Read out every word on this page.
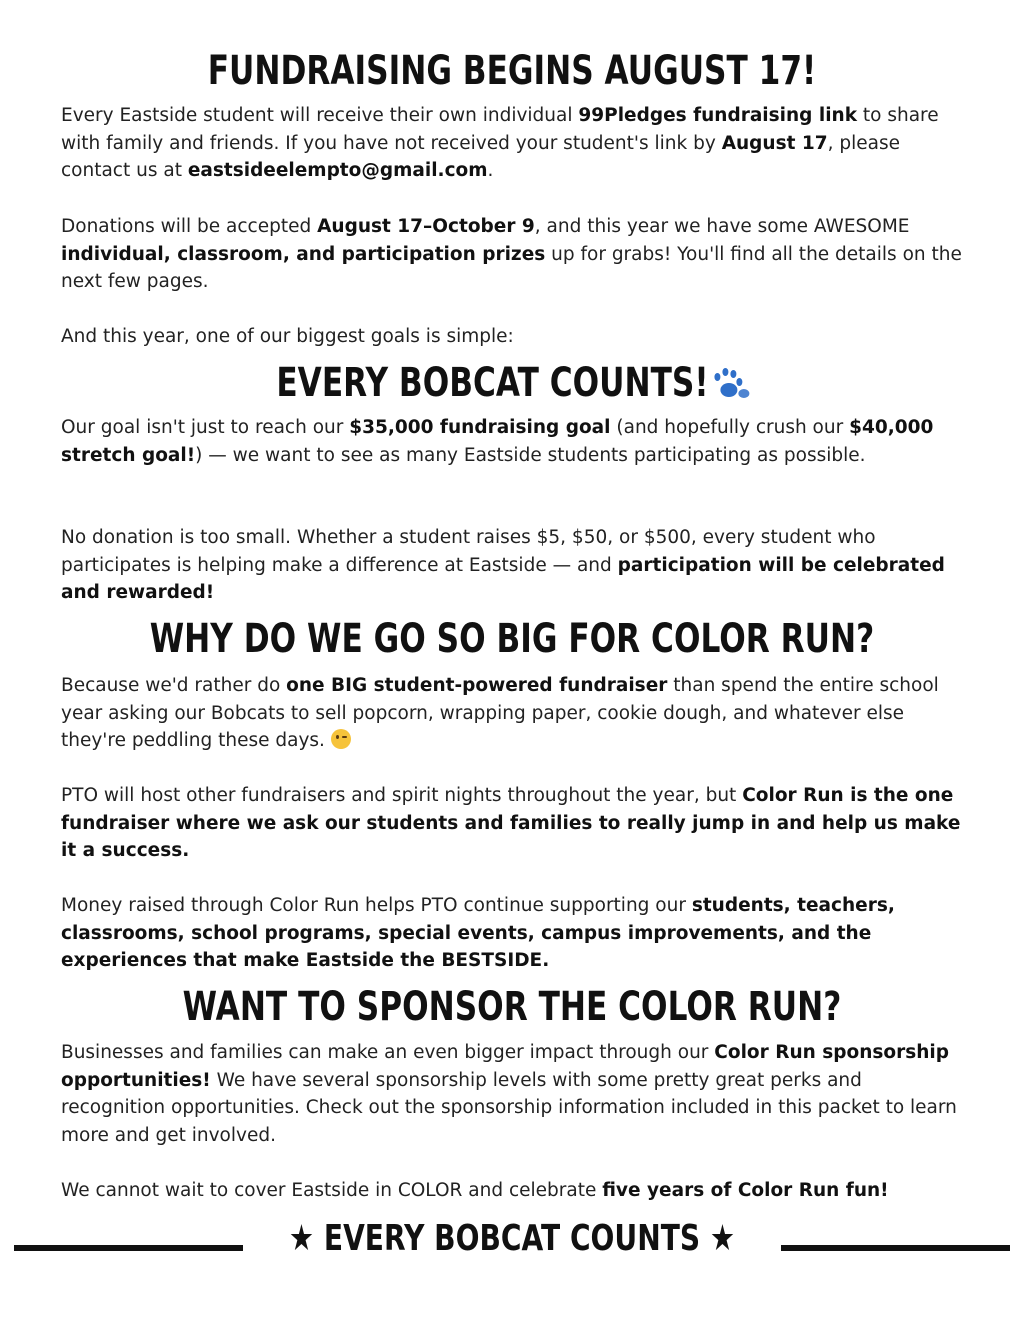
FUNDRAISING BEGINS AUGUST 17!
Every Eastside student will receive their own individual 99Pledges fundraising link to share with family and friends. If you have not received your student's link by August 17, please contact us at eastsideelempto@gmail.com.
Donations will be accepted August 17–October 9, and this year we have some AWESOME individual, classroom, and participation prizes up for grabs! You'll find all the details on the next few pages.
And this year, one of our biggest goals is simple:
EVERY BOBCAT COUNTS!
Our goal isn't just to reach our $35,000 fundraising goal (and hopefully crush our $40,000 stretch goal!) — we want to see as many Eastside students participating as possible.
No donation is too small. Whether a student raises $5, $50, or $500, every student who participates is helping make a difference at Eastside — and participation will be celebrated and rewarded!
WHY DO WE GO SO BIG FOR COLOR RUN?
Because we'd rather do one BIG student-powered fundraiser than spend the entire school year asking our Bobcats to sell popcorn, wrapping paper, cookie dough, and whatever else they're peddling these days.
PTO will host other fundraisers and spirit nights throughout the year, but Color Run is the one fundraiser where we ask our students and families to really jump in and help us make it a success.
Money raised through Color Run helps PTO continue supporting our students, teachers, classrooms, school programs, special events, campus improvements, and the experiences that make Eastside the BESTSIDE.
WANT TO SPONSOR THE COLOR RUN?
Businesses and families can make an even bigger impact through our Color Run sponsorship opportunities! We have several sponsorship levels with some pretty great perks and recognition opportunities. Check out the sponsorship information included in this packet to learn more and get involved.
We cannot wait to cover Eastside in COLOR and celebrate five years of Color Run fun!
★ EVERY BOBCAT COUNTS ★
